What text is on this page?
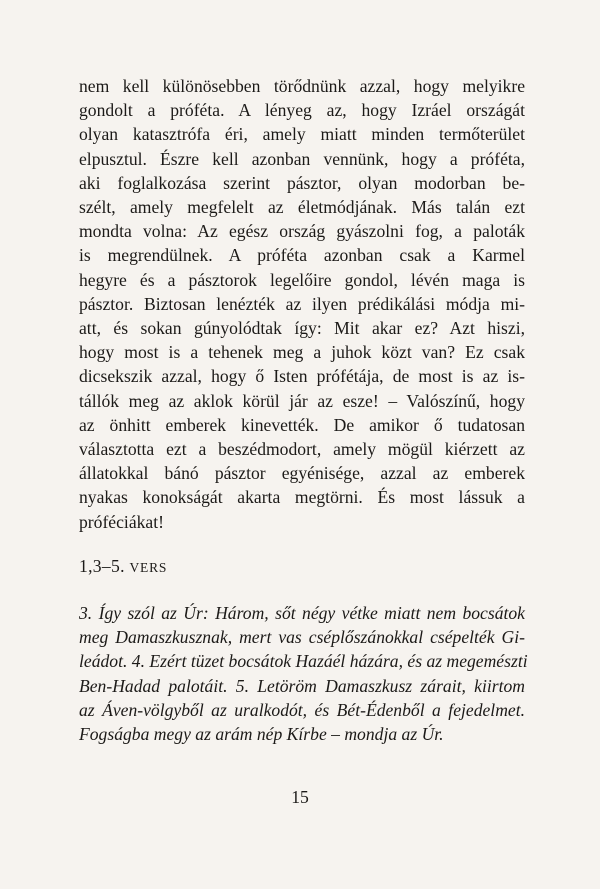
nem kell különösebben törődnünk azzal, hogy melyikre
gondolt a próféta. A lényeg az, hogy Izráel országát
olyan katasztrófa éri, amely miatt minden termőterület
elpusztul. Észre kell azonban vennünk, hogy a próféta,
aki foglalkozása szerint pásztor, olyan modorban be-
szélt, amely megfelelt az életmódjának. Más talán ezt
mondta volna: Az egész ország gyászolni fog, a paloták
is megrendülnek. A próféta azonban csak a Karmel
hegyre és a pásztorok legelőire gondol, lévén maga is
pásztor. Biztosan lenézték az ilyen prédikálási módja mi-
att, és sokan gúnyolódtak így: Mit akar ez? Azt hiszi,
hogy most is a tehenek meg a juhok közt van? Ez csak
dicsekszik azzal, hogy ő Isten prófétája, de most is az is-
tállók meg az aklok körül jár az esze! – Valószínű, hogy
az önhitt emberek kinevették. De amikor ő tudatosan
választotta ezt a beszédmodort, amely mögül kiérzett az
állatokkal bánó pásztor egyénisége, azzal az emberek
nyakas konokságát akarta megtörni. És most lássuk a
próféciákat!
1,3–5. VERS
3. Így szól az Úr: Három, sőt négy vétke miatt nem bocsátok
meg Damaszkusznak, mert vas cséplőszánokkal csépelték Gi-
leádot. 4. Ezért tüzet bocsátok Hazáél házára, és az megemészti
Ben-Hadad palotáit. 5. Letöröm Damaszkusz zárait, kiirtom
az Áven-völgyből az uralkodót, és Bét-Édenből a fejedelmet.
Fogságba megy az arám nép Kírbe – mondja az Úr.
15
